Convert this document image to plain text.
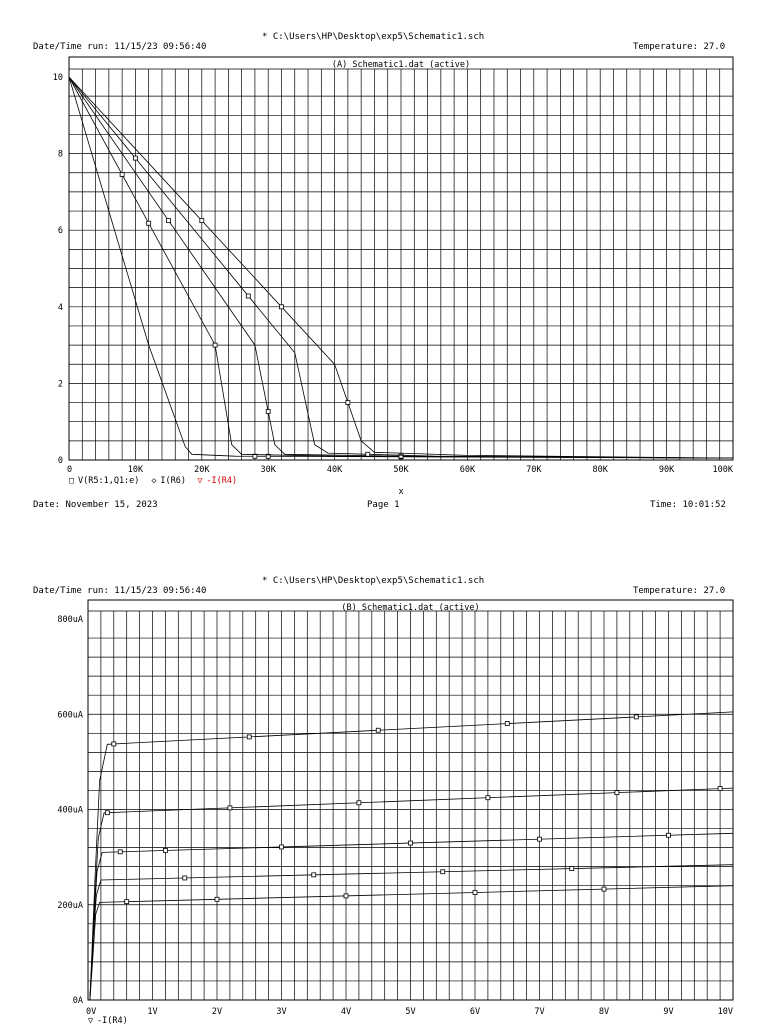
* C:\Users\HP\Desktop\exp5\Schematic1.sch
Date/Time run: 11/15/23 09:56:40	Temperature: 27.0
Date: November 15, 2023	Page 1	Time: 10:01:52
* C:\Users\HP\Desktop\exp5\Schematic1.sch
Date/Time run: 11/15/23 09:56:40	Temperature: 27.0
(A) Schematic1.dat (active)
0	10K	20K	30K	40K	50K	60K	70K	80K	90K	100K
0
2
4
6
8
10
x
□ V(R5:1,Q1:e) ◇ I(R6) ▽ -I(R4)
(B) Schematic1.dat (active)
0V	1V	2V	3V	4V	5V	6V	7V	8V	9V	10V
0A
200uA
400uA
600uA
800uA
▽ -I(R4)
